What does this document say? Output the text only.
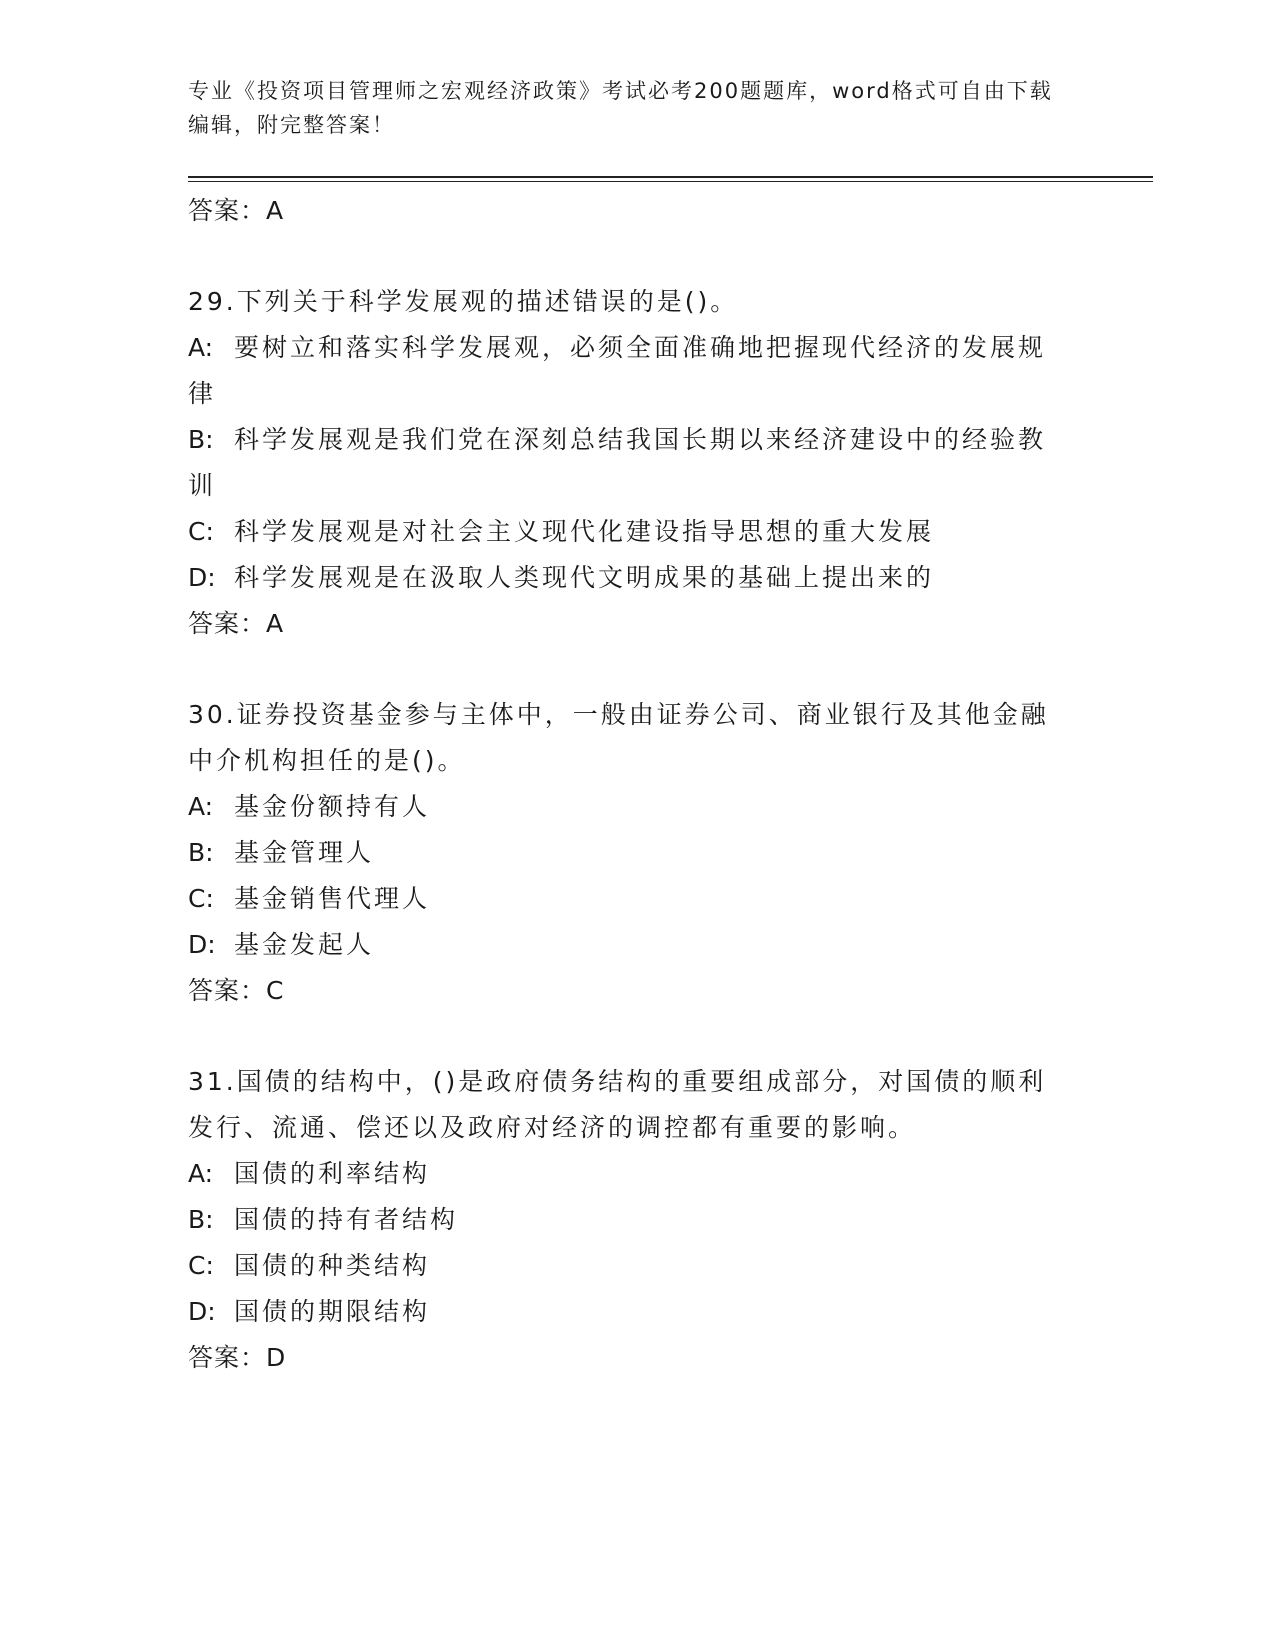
专业《投资项目管理师之宏观经济政策》考试必考200题题库，word格式可自由下载编辑，附完整答案！
答案：A
29.下列关于科学发展观的描述错误的是()。
A: 要树立和落实科学发展观，必须全面准确地把握现代经济的发展规律
B: 科学发展观是我们党在深刻总结我国长期以来经济建设中的经验教训
C: 科学发展观是对社会主义现代化建设指导思想的重大发展
D: 科学发展观是在汲取人类现代文明成果的基础上提出来的
答案：A
30.证券投资基金参与主体中，一般由证券公司、商业银行及其他金融中介机构担任的是()。
A: 基金份额持有人
B: 基金管理人
C: 基金销售代理人
D: 基金发起人
答案：C
31.国债的结构中，()是政府债务结构的重要组成部分，对国债的顺利发行、流通、偿还以及政府对经济的调控都有重要的影响。
A: 国债的利率结构
B: 国债的持有者结构
C: 国债的种类结构
D: 国债的期限结构
答案：D
